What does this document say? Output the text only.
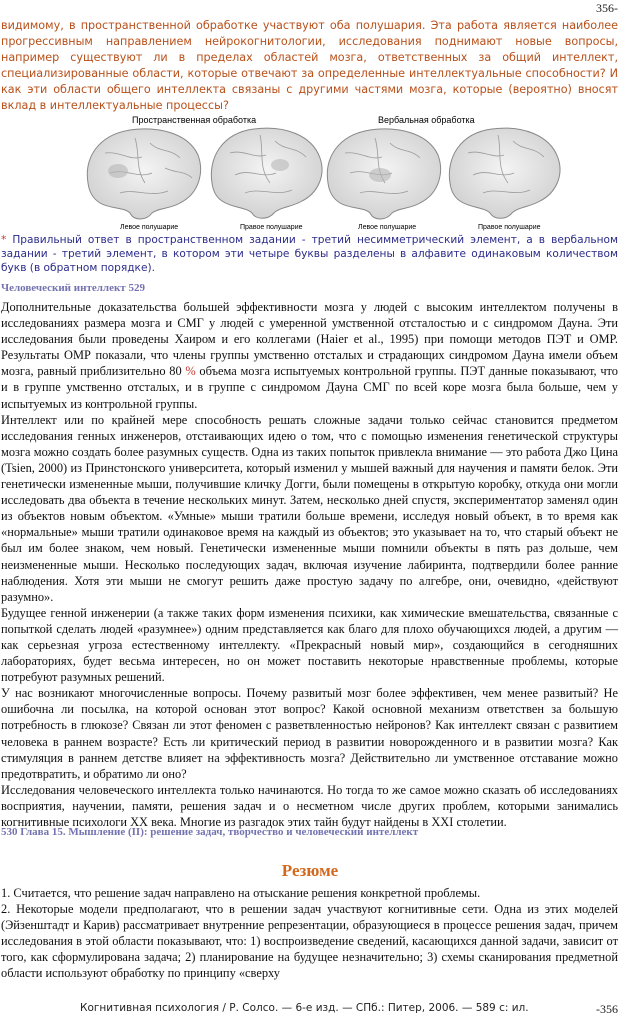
356-
видимому, в пространственной обработке участвуют оба полушария. Эта работа является наиболее прогрессивным направлением нейрокогнитологии, исследования поднимают новые вопросы, например существуют ли в пределах областей мозга, ответственных за общий интеллект, специализированные области, которые отвечают за определенные интеллектуальные способности? И как эти области общего интеллекта связаны с другими частями мозга, которые (вероятно) вносят вклад в интеллектуальные процессы?
Пространственная обработка	Вербальная обработка
Левое полушарие	Правое полушарие	Левое полушарие	Правое полушарие
* Правильный ответ в пространственном задании - третий несимметрический элемент, а в вербальном задании - третий элемент, в котором эти четыре буквы разделены в алфавите одинаковым количеством букв (в обратном порядке).
Человеческий интеллект 529

Дополнительные доказательства большей эффективности мозга у людей с высоким интеллектом получены в исследованиях размера мозга и СМГ у людей с умеренной умственной отсталостью и с синдромом Дауна. Эти исследования были проведены Хаиром и его коллегами (Haier et al., 1995) при помощи методов ПЭТ и ОМР. Результаты ОМР показали, что члены группы умственно отсталых и страдающих синдромом Дауна имели объем мозга, равный приблизительно 80 % объема мозга испытуемых контрольной группы. ПЭТ данные показывают, что и в группе умственно отсталых, и в группе с синдромом Дауна СМГ по всей коре мозга была больше, чем у испытуемых из контрольной группы.

Интеллект или по крайней мере способность решать сложные задачи только сейчас становится предметом исследования генных инженеров, отстаивающих идею о том, что с помощью изменения генетической структуры мозга можно создать более разумных существ. Одна из таких попыток привлекла внимание — это работа Джо Цина (Tsien, 2000) из Принстонского университета, который изменил у мышей важный для научения и памяти белок. Эти генетически измененные мыши, получившие кличку Догги, были помещены в открытую коробку, откуда они могли исследовать два объекта в течение нескольких минут. Затем, несколько дней спустя, экспериментатор заменял один из объектов новым объектом. «Умные» мыши тратили больше времени, исследуя новый объект, в то время как «нормальные» мыши тратили одинаковое время на каждый из объектов; это указывает на то, что старый объект не был им более знаком, чем новый. Генетически измененные мыши помнили объекты в пять раз дольше, чем неизмененные мыши. Несколько последующих задач, включая изучение лабиринта, подтвердили более ранние наблюдения. Хотя эти мыши не смогут решить даже простую задачу по алгебре, они, очевидно, «действуют разумно».

Будущее генной инженерии (а также таких форм изменения психики, как химические вмешательства, связанные с попыткой сделать людей «разумнее») одним представляется как благо для плохо обучающихся людей, а другим — как серьезная угроза естественному интеллекту. «Прекрасный новый мир», создающийся в сегодняшних лабораториях, будет весьма интересен, но он может поставить некоторые нравственные проблемы, которые потребуют разумных решений.

У нас возникают многочисленные вопросы. Почему развитый мозг более эффективен, чем менее развитый? Не ошибочна ли посылка, на которой основан этот вопрос? Какой основной механизм ответствен за большую потребность в глюкозе? Связан ли этот феномен с разветвленностью нейронов? Как интеллект связан с развитием человека в раннем возрасте? Есть ли критический период в развитии новорожденного и в развитии мозга? Как стимуляция в раннем детстве влияет на эффективность мозга? Действительно ли умственное отставание можно предотвратить, и обратимо ли оно?

Исследования человеческого интеллекта только начинаются. Но тогда то же самое можно сказать об исследованиях восприятия, научении, памяти, решения задач и о несметном числе других проблем, которыми занимались когнитивные психологи XX века. Многие из разгадок этих тайн будут найдены в XXI столетии.

530 Глава 15. Мышление (II): решение задач, творчество и человеческий интеллект
Резюме

1. Считается, что решение задач направлено на отыскание решения конкретной проблемы.

2. Некоторые модели предполагают, что в решении задач участвуют когнитивные сети. Одна из этих моделей (Эйзенштадт и Карив) рассматривает внутренние репрезентации, образующиеся в процессе решения задач, причем исследования в этой области показывают, что: 1) воспроизведение сведений, касающихся данной задачи, зависит от того, как сформулирована задача; 2) планирование на будущее незначительно; 3) схемы сканирования предметной области используют обработку по принципу «сверху

Когнитивная психология / Р. Солсо. — 6-е изд. — СПб.: Питер, 2006. — 589 с: ил.	-356
